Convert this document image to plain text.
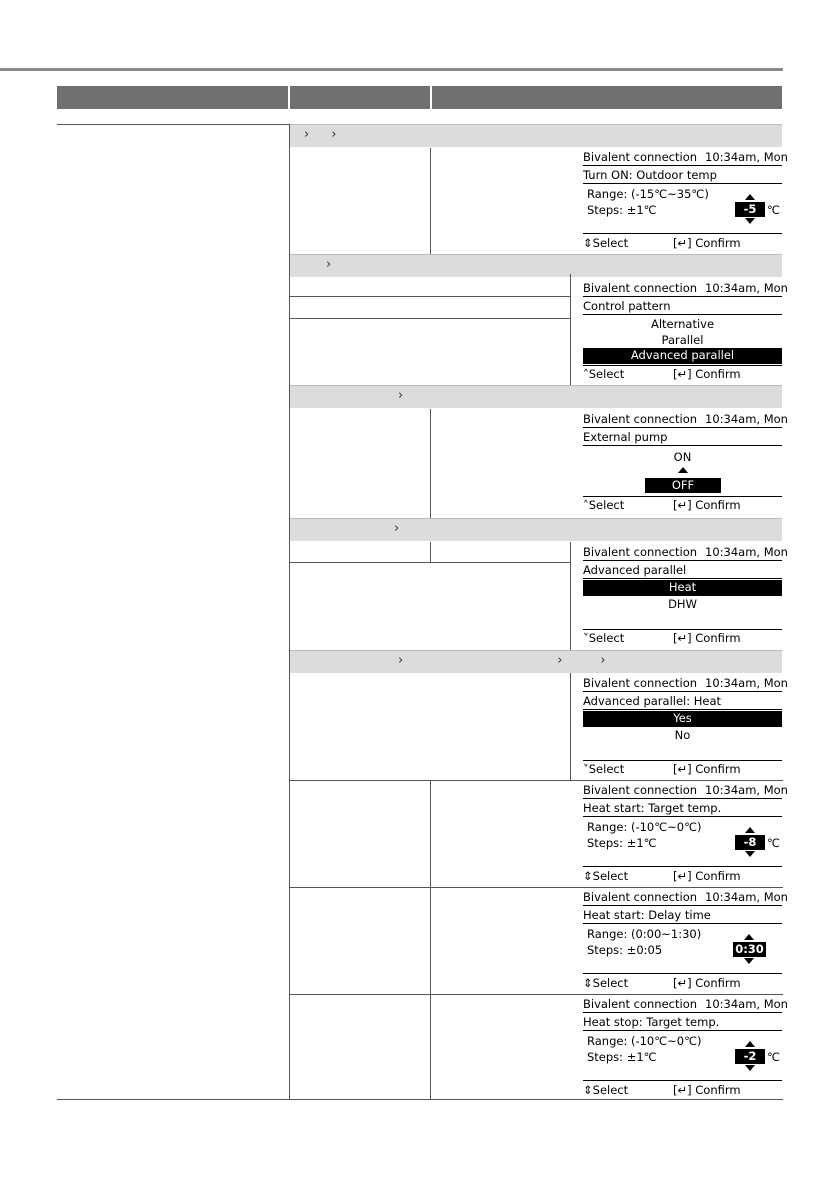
› ›
›
›
›
›	›	›
Bivalent connection 10:34am, Mon
Turn ON: Outdoor temp
Range: (-15℃~35℃)
Steps: ±1℃	-5 ℃
⇕Select	[↵] Confirm
Bivalent connection 10:34am, Mon
Control pattern
Alternative
Parallel
Advanced parallel
˄Select	[↵] Confirm
Bivalent connection 10:34am, Mon
External pump
ON
OFF
˄Select	[↵] Confirm
Bivalent connection 10:34am, Mon
Advanced parallel
Heat
DHW
˅Select	[↵] Confirm
Bivalent connection 10:34am, Mon
Advanced parallel: Heat
Yes
No
˅Select	[↵] Confirm
Bivalent connection 10:34am, Mon
Heat start: Target temp.
Range: (-10℃~0℃)
Steps: ±1℃	-8 ℃
⇕Select	[↵] Confirm
Bivalent connection 10:34am, Mon
Heat start: Delay time
Range: (0:00~1:30)
Steps: ±0:05	0:30
⇕Select	[↵] Confirm
Bivalent connection 10:34am, Mon
Heat stop: Target temp.
Range: (-10℃~0℃)
Steps: ±1℃	-2 ℃
⇕Select	[↵] Confirm
